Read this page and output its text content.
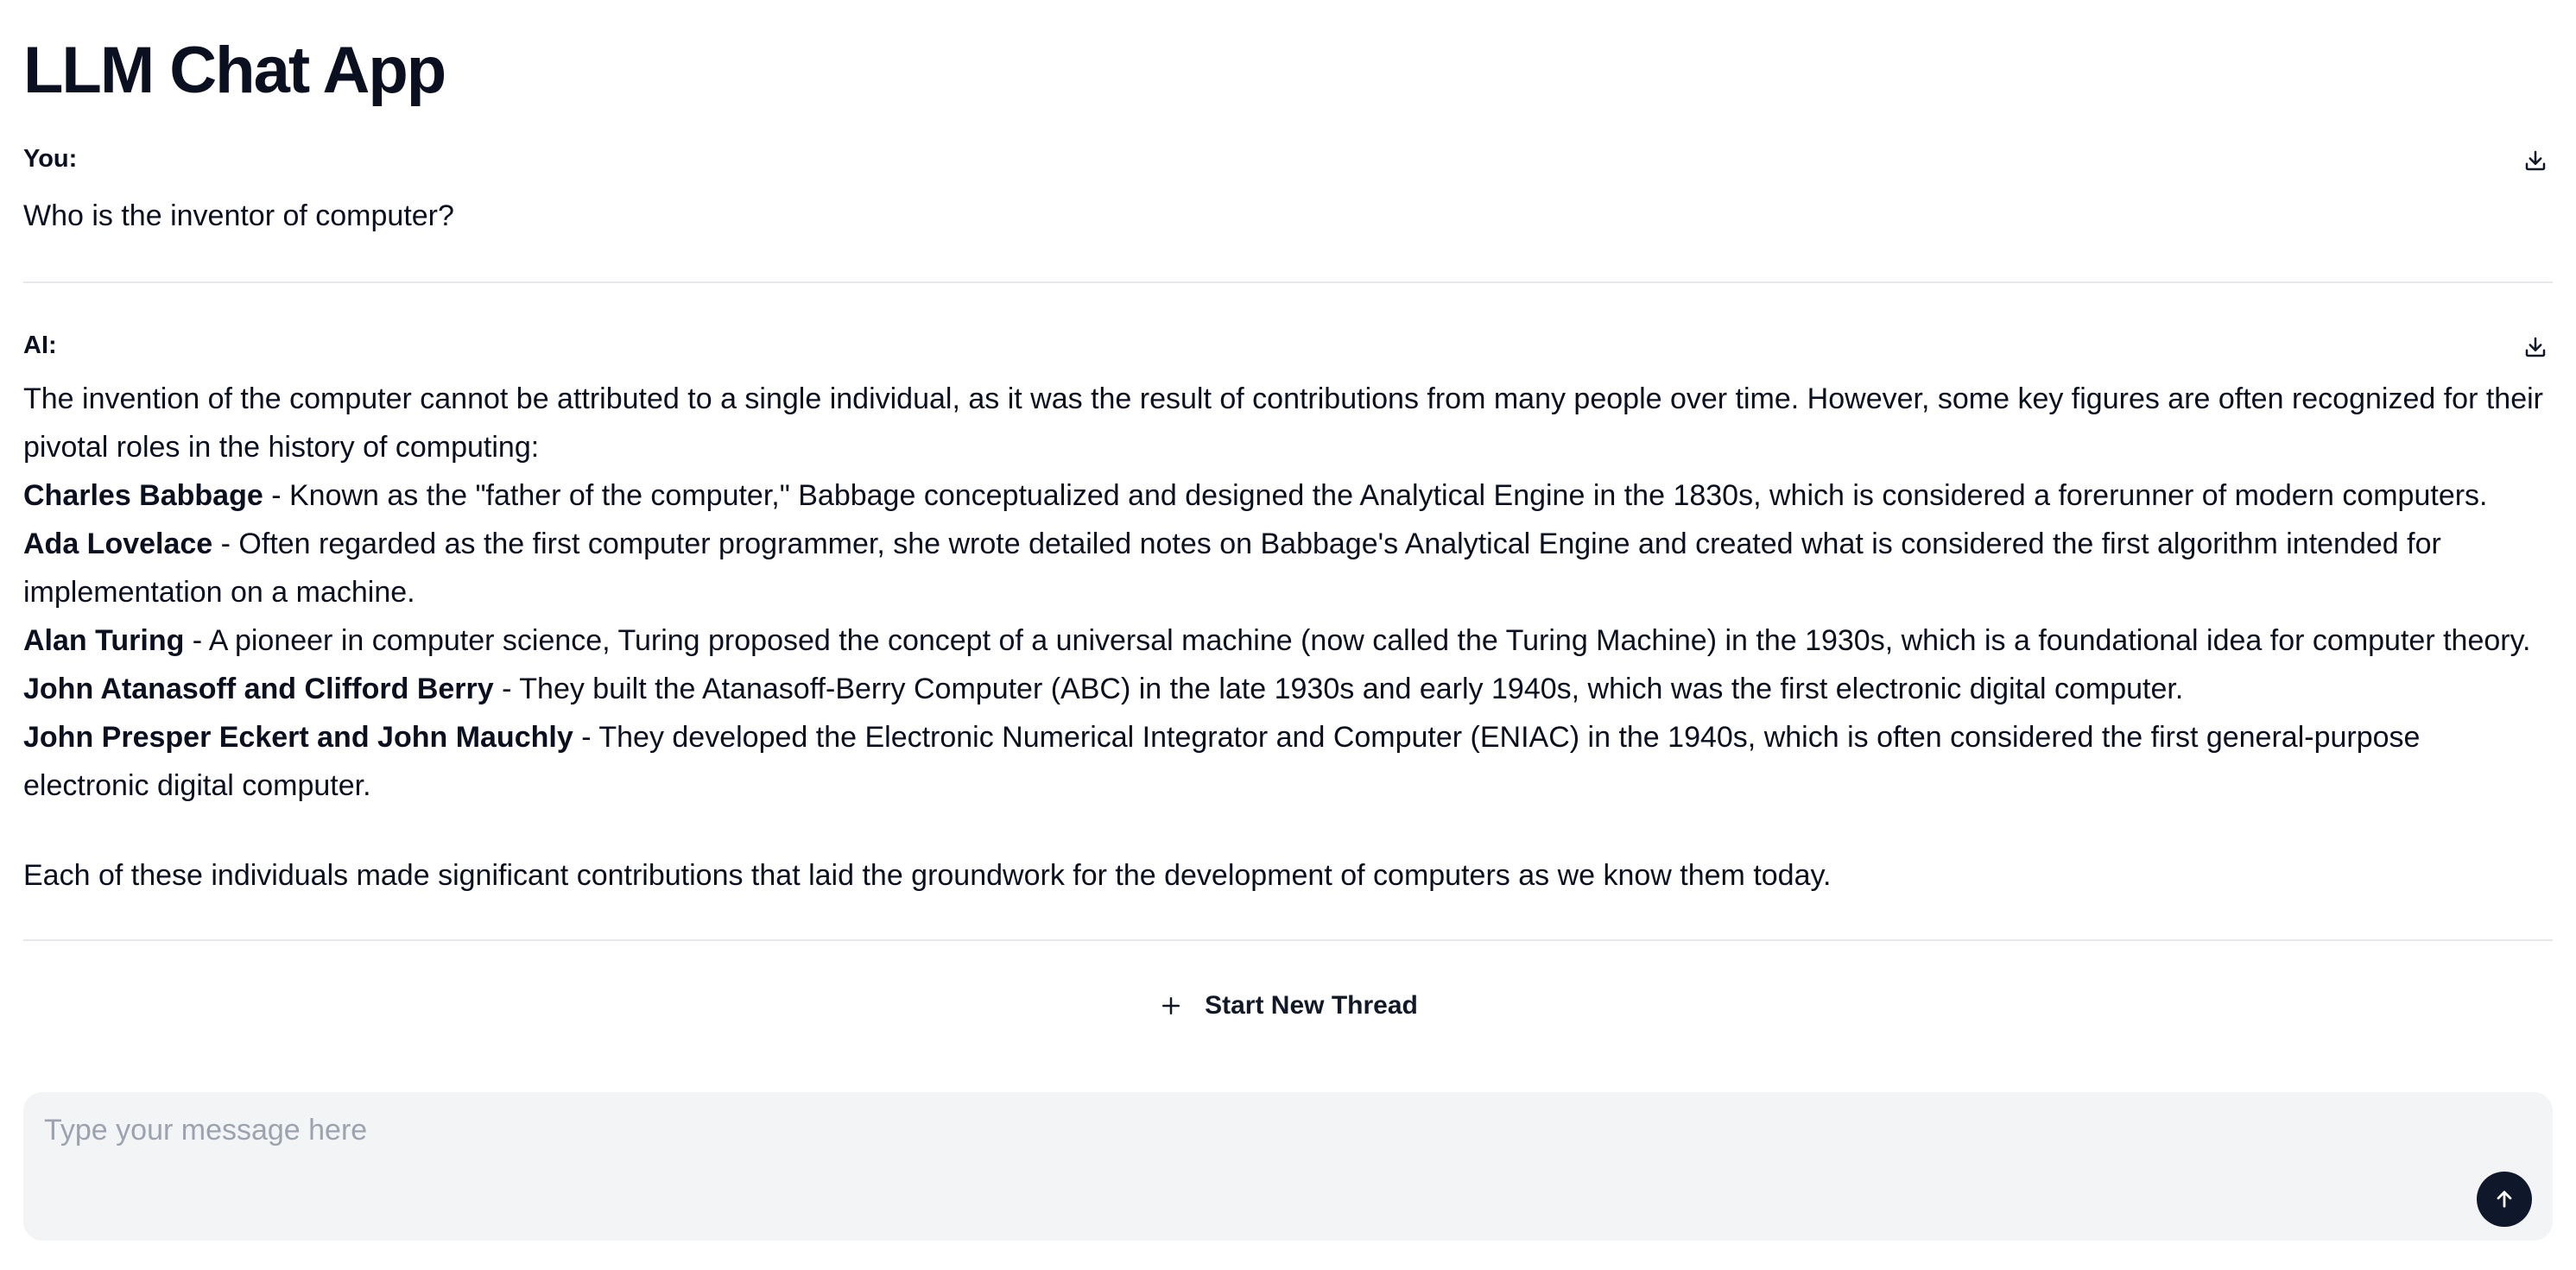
LLM Chat App
You:
Who is the inventor of computer?
AI:

The invention of the computer cannot be attributed to a single individual, as it was the result of contributions from many people over time. However, some key figures are often recognized for their pivotal roles in the history of computing:

Charles Babbage - Known as the "father of the computer," Babbage conceptualized and designed the Analytical Engine in the 1830s, which is considered a forerunner of modern computers.

Ada Lovelace - Often regarded as the first computer programmer, she wrote detailed notes on Babbage's Analytical Engine and created what is considered the first algorithm intended for implementation on a machine.

Alan Turing - A pioneer in computer science, Turing proposed the concept of a universal machine (now called the Turing Machine) in the 1930s, which is a foundational idea for computer theory.

John Atanasoff and Clifford Berry - They built the Atanasoff-Berry Computer (ABC) in the late 1930s and early 1940s, which was the first electronic digital computer.

John Presper Eckert and John Mauchly - They developed the Electronic Numerical Integrator and Computer (ENIAC) in the 1940s, which is often considered the first general-purpose electronic digital computer.

Each of these individuals made significant contributions that laid the groundwork for the development of computers as we know them today.

Start New Thread
Type your message here
